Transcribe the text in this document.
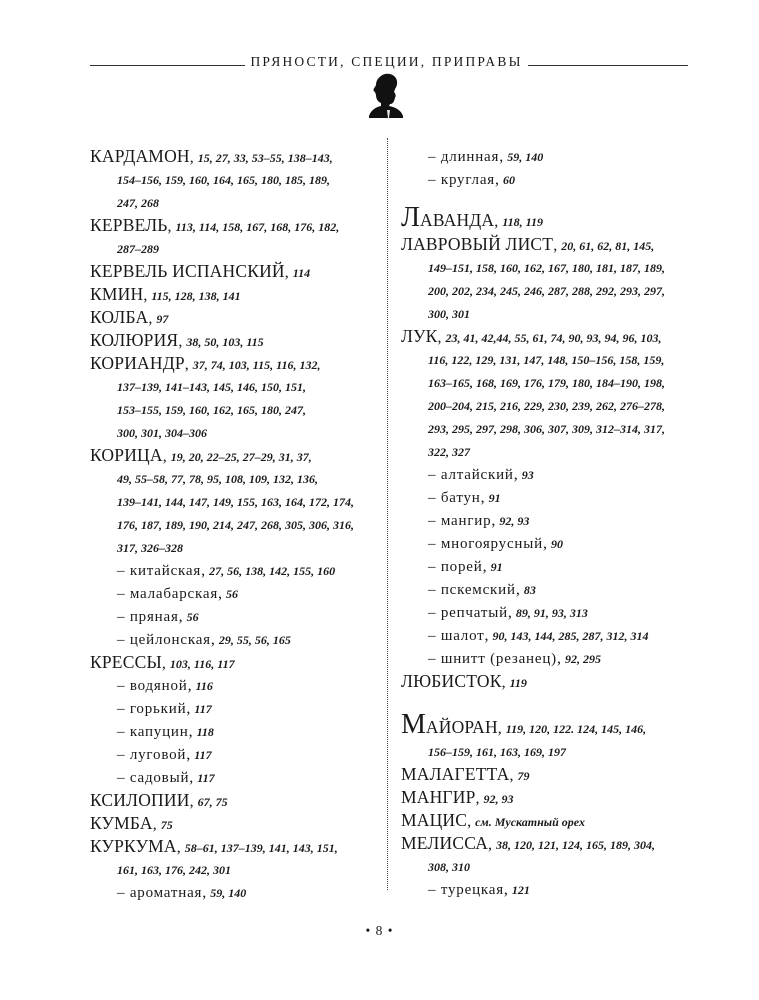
ПРЯНОСТИ, СПЕЦИИ, ПРИПРАВЫ
КАРДАМОН, 15, 27, 33, 53–55, 138–143,
154–156, 159, 160, 164, 165, 180, 185, 189,
247, 268
КЕРВЕЛЬ, 113, 114, 158, 167, 168, 176, 182,
287–289
КЕРВЕЛЬ ИСПАНСКИЙ, 114
КМИН, 115, 128, 138, 141
КОЛБА, 97
КОЛЮРИЯ, 38, 50, 103, 115
КОРИАНДР, 37, 74, 103, 115, 116, 132,
137–139, 141–143, 145, 146, 150, 151,
153–155, 159, 160, 162, 165, 180, 247,
300, 301, 304–306
КОРИЦА, 19, 20, 22–25, 27–29, 31, 37,
49, 55–58, 77, 78, 95, 108, 109, 132, 136,
139–141, 144, 147, 149, 155, 163, 164, 172, 174,
176, 187, 189, 190, 214, 247, 268, 305, 306, 316,
317, 326–328
– китайская, 27, 56, 138, 142, 155, 160
– малабарская, 56
– пряная, 56
– цейлонская, 29, 55, 56, 165
КРЕССЫ, 103, 116, 117
– водяной, 116
– горький, 117
– капуцин, 118
– луговой, 117
– садовый, 117
КСИЛОПИИ, 67, 75
КУМБА, 75
КУРКУМА, 58–61, 137–139, 141, 143, 151,
161, 163, 176, 242, 301
– ароматная, 59, 140
– длинная, 59, 140
– круглая, 60
ЛАВАНДА, 118, 119
ЛАВРОВЫЙ ЛИСТ, 20, 61, 62, 81, 145,
149–151, 158, 160, 162, 167, 180, 181, 187, 189,
200, 202, 234, 245, 246, 287, 288, 292, 293, 297,
300, 301
ЛУК, 23, 41, 42,44, 55, 61, 74, 90, 93, 94, 96, 103,
116, 122, 129, 131, 147, 148, 150–156, 158, 159,
163–165, 168, 169, 176, 179, 180, 184–190, 198,
200–204, 215, 216, 229, 230, 239, 262, 276–278,
293, 295, 297, 298, 306, 307, 309, 312–314, 317,
322, 327
– алтайский, 93
– батун, 91
– мангир, 92, 93
– многоярусный, 90
– порей, 91
– пскемский, 83
– репчатый, 89, 91, 93, 313
– шалот, 90, 143, 144, 285, 287, 312, 314
– шнитт (резанец), 92, 295
ЛЮБИСТОК, 119
МАЙОРАН, 119, 120, 122. 124, 145, 146,
156–159, 161, 163, 169, 197
МАЛАГЕТТА, 79
МАНГИР, 92, 93
МАЦИС, см. Мускатный орех
МЕЛИССА, 38, 120, 121, 124, 165, 189, 304,
308, 310
– турецкая, 121
• 8 •
